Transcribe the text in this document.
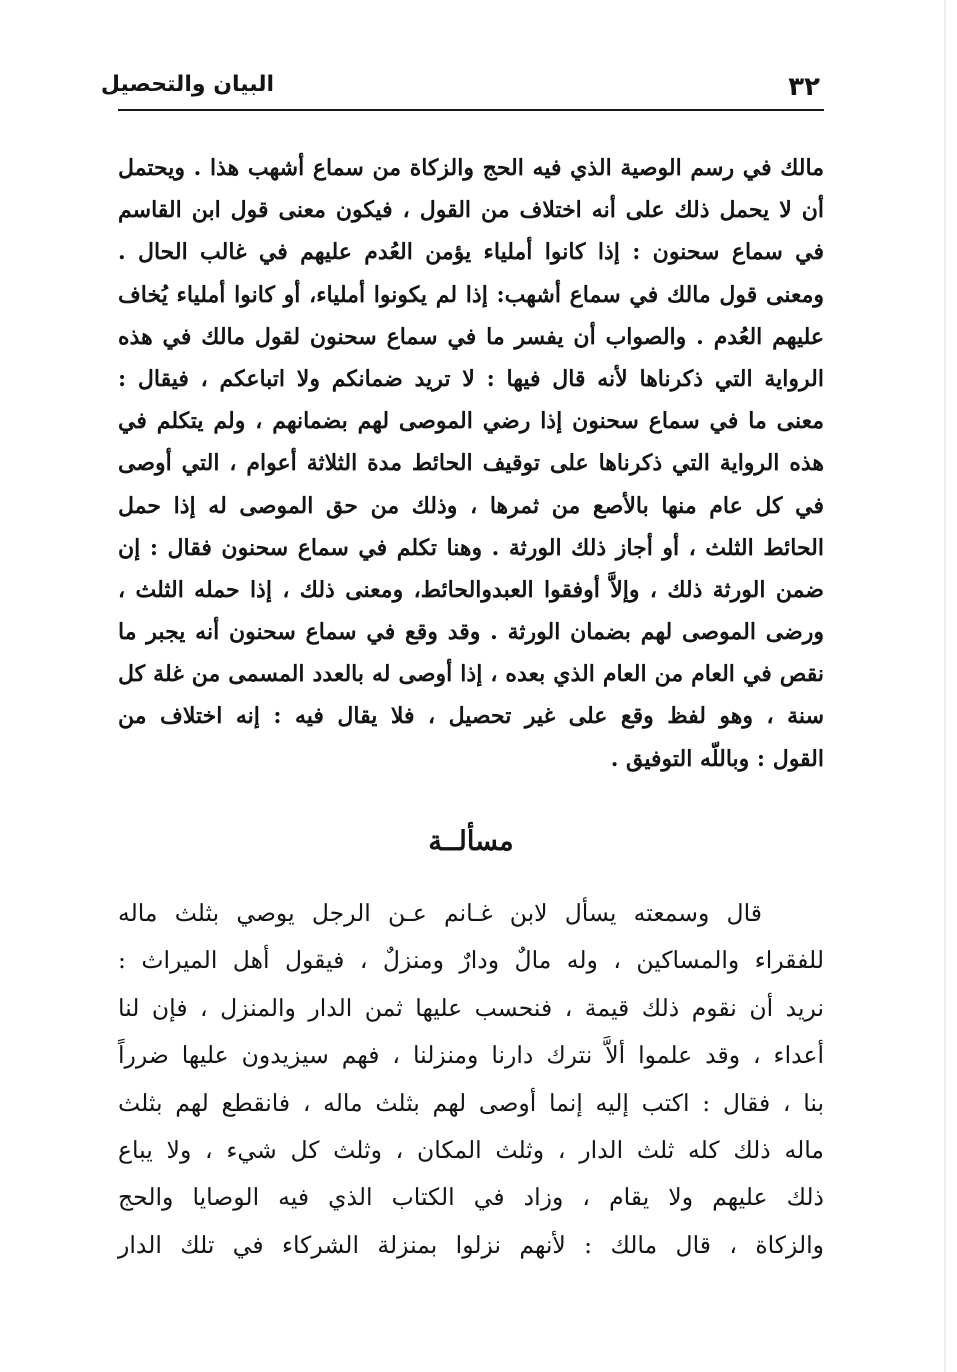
٣٢
البيان والتحصيل
مالك في رسم الوصية الذي فيه الحج والزكاة من سماع أشهب هذا . ويحتمل
أن لا يحمل ذلك على أنه اختلاف من القول ، فيكون معنى قول ابن القاسم
في سماع سحنون : إذا كانوا أملياء يؤمن العُدم عليهم في غالب الحال .
ومعنى قول مالك في سماع أشهب: إذا لم يكونوا أملياء، أو كانوا أملياء يُخاف
عليهم العُدم . والصواب أن يفسر ما في سماع سحنون لقول مالك في هذه
الرواية التي ذكرناها لأنه قال فيها : لا تريد ضمانكم ولا اتباعكم ، فيقال :
معنى ما في سماع سحنون إذا رضي الموصى لهم بضمانهم ، ولم يتكلم في
هذه الرواية التي ذكرناها على توقيف الحائط مدة الثلاثة أعوام ، التي أوصى
في كل عام منها بالأصع من ثمرها ، وذلك من حق الموصى له إذا حمل
الحائط الثلث ، أو أجاز ذلك الورثة . وهنا تكلم في سماع سحنون فقال : إن
ضمن الورثة ذلك ، وإلاَّ أوفقوا العبدوالحائط، ومعنى ذلك ، إذا حمله الثلث ،
ورضى الموصى لهم بضمان الورثة . وقد وقع في سماع سحنون أنه يجبر ما
نقص في العام من العام الذي بعده ، إذا أوصى له بالعدد المسمى من غلة كل
سنة ، وهو لفظ وقع على غير تحصيل ، فلا يقال فيه : إنه اختلاف من
القول : وباللّه التوفيق .
مسألــة
قال وسمعته يسأل لابن غـانم عـن الرجل يوصي بثلث ماله
للفقراء والمساكين ، وله مالٌ ودارٌ ومنزلٌ ، فيقول أهل الميراث :
نريد أن نقوم ذلك قيمة ، فنحسب عليها ثمن الدار والمنزل ، فإن لنا
أعداء ، وقد علموا ألاَّ نترك دارنا ومنزلنا ، فهم سيزيدون عليها ضرراً
بنا ، فقال : اكتب إليه إنما أوصى لهم بثلث ماله ، فانقطع لهم بثلث
ماله ذلك كله ثلث الدار ، وثلث المكان ، وثلث كل شيء ، ولا يباع
ذلك عليهم ولا يقام ، وزاد في الكتاب الذي فيه الوصايا والحج
والزكاة ، قال مالك : لأنهم نزلوا بمنزلة الشركاء في تلك الدار
